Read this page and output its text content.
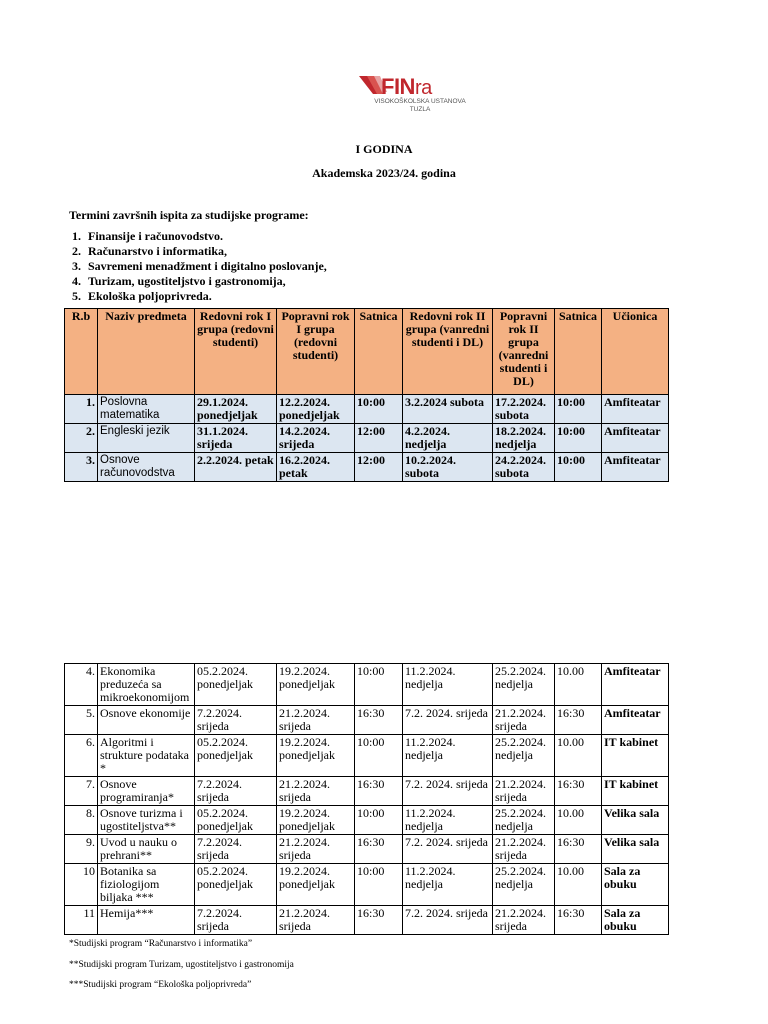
FINra
VISOKOŠKOLSKA USTANOVA
TUZLA
I GODINA
Akademska 2023/24. godina
Termini završnih ispita za studijske programe:
1. Finansije i računovodstvo.
2. Računarstvo i informatika,
3. Savremeni menadžment i digitalno poslovanje,
4. Turizam, ugostiteljstvo i gastronomija,
5. Ekološka poljoprivreda.
R.b	Naziv predmeta	Redovni rok I grupa (redovni studenti)	Popravni rok I grupa (redovni studenti)	Satnica	Redovni rok II grupa (vanredni studenti i DL)	Popravni rok II grupa (vanredni studenti i DL)	Satnica	Učionica
1.	Poslovna matematika	29.1.2024. ponedjeljak	12.2.2024. ponedjeljak	10:00	3.2.2024 subota	17.2.2024. subota	10:00	Amfiteatar
2.	Engleski jezik	31.1.2024. srijeda	14.2.2024. srijeda	12:00	4.2.2024. nedjelja	18.2.2024. nedjelja	10:00	Amfiteatar
3.	Osnove računovodstva	2.2.2024. petak	16.2.2024. petak	12:00	10.2.2024. subota	24.2.2024. subota	10:00	Amfiteatar
4.	Ekonomika preduzeća sa mikroekonomijom	05.2.2024. ponedjeljak	19.2.2024. ponedjeljak	10:00	11.2.2024. nedjelja	25.2.2024. nedjelja	10.00	Amfiteatar
5.	Osnove ekonomije	7.2.2024. srijeda	21.2.2024. srijeda	16:30	7.2. 2024. srijeda	21.2.2024. srijeda	16:30	Amfiteatar
6.	Algoritmi i strukture podataka *	05.2.2024. ponedjeljak	19.2.2024. ponedjeljak	10:00	11.2.2024. nedjelja	25.2.2024. nedjelja	10.00	IT kabinet
7.	Osnove programiranja*	7.2.2024. srijeda	21.2.2024. srijeda	16:30	7.2. 2024. srijeda	21.2.2024. srijeda	16:30	IT kabinet
8.	Osnove turizma i ugostiteljstva**	05.2.2024. ponedjeljak	19.2.2024. ponedjeljak	10:00	11.2.2024. nedjelja	25.2.2024. nedjelja	10.00	Velika sala
9.	Uvod u nauku o prehrani**	7.2.2024. srijeda	21.2.2024. srijeda	16:30	7.2. 2024. srijeda	21.2.2024. srijeda	16:30	Velika sala
10	Botanika sa fiziologijom biljaka ***	05.2.2024. ponedjeljak	19.2.2024. ponedjeljak	10:00	11.2.2024. nedjelja	25.2.2024. nedjelja	10.00	Sala za obuku
11	Hemija***	7.2.2024. srijeda	21.2.2024. srijeda	16:30	7.2. 2024. srijeda	21.2.2024. srijeda	16:30	Sala za obuku
*Studijski program “Računarstvo i informatika”
**Studijski program Turizam, ugostiteljstvo i gastronomija
***Studijski program “Ekološka poljoprivreda”
